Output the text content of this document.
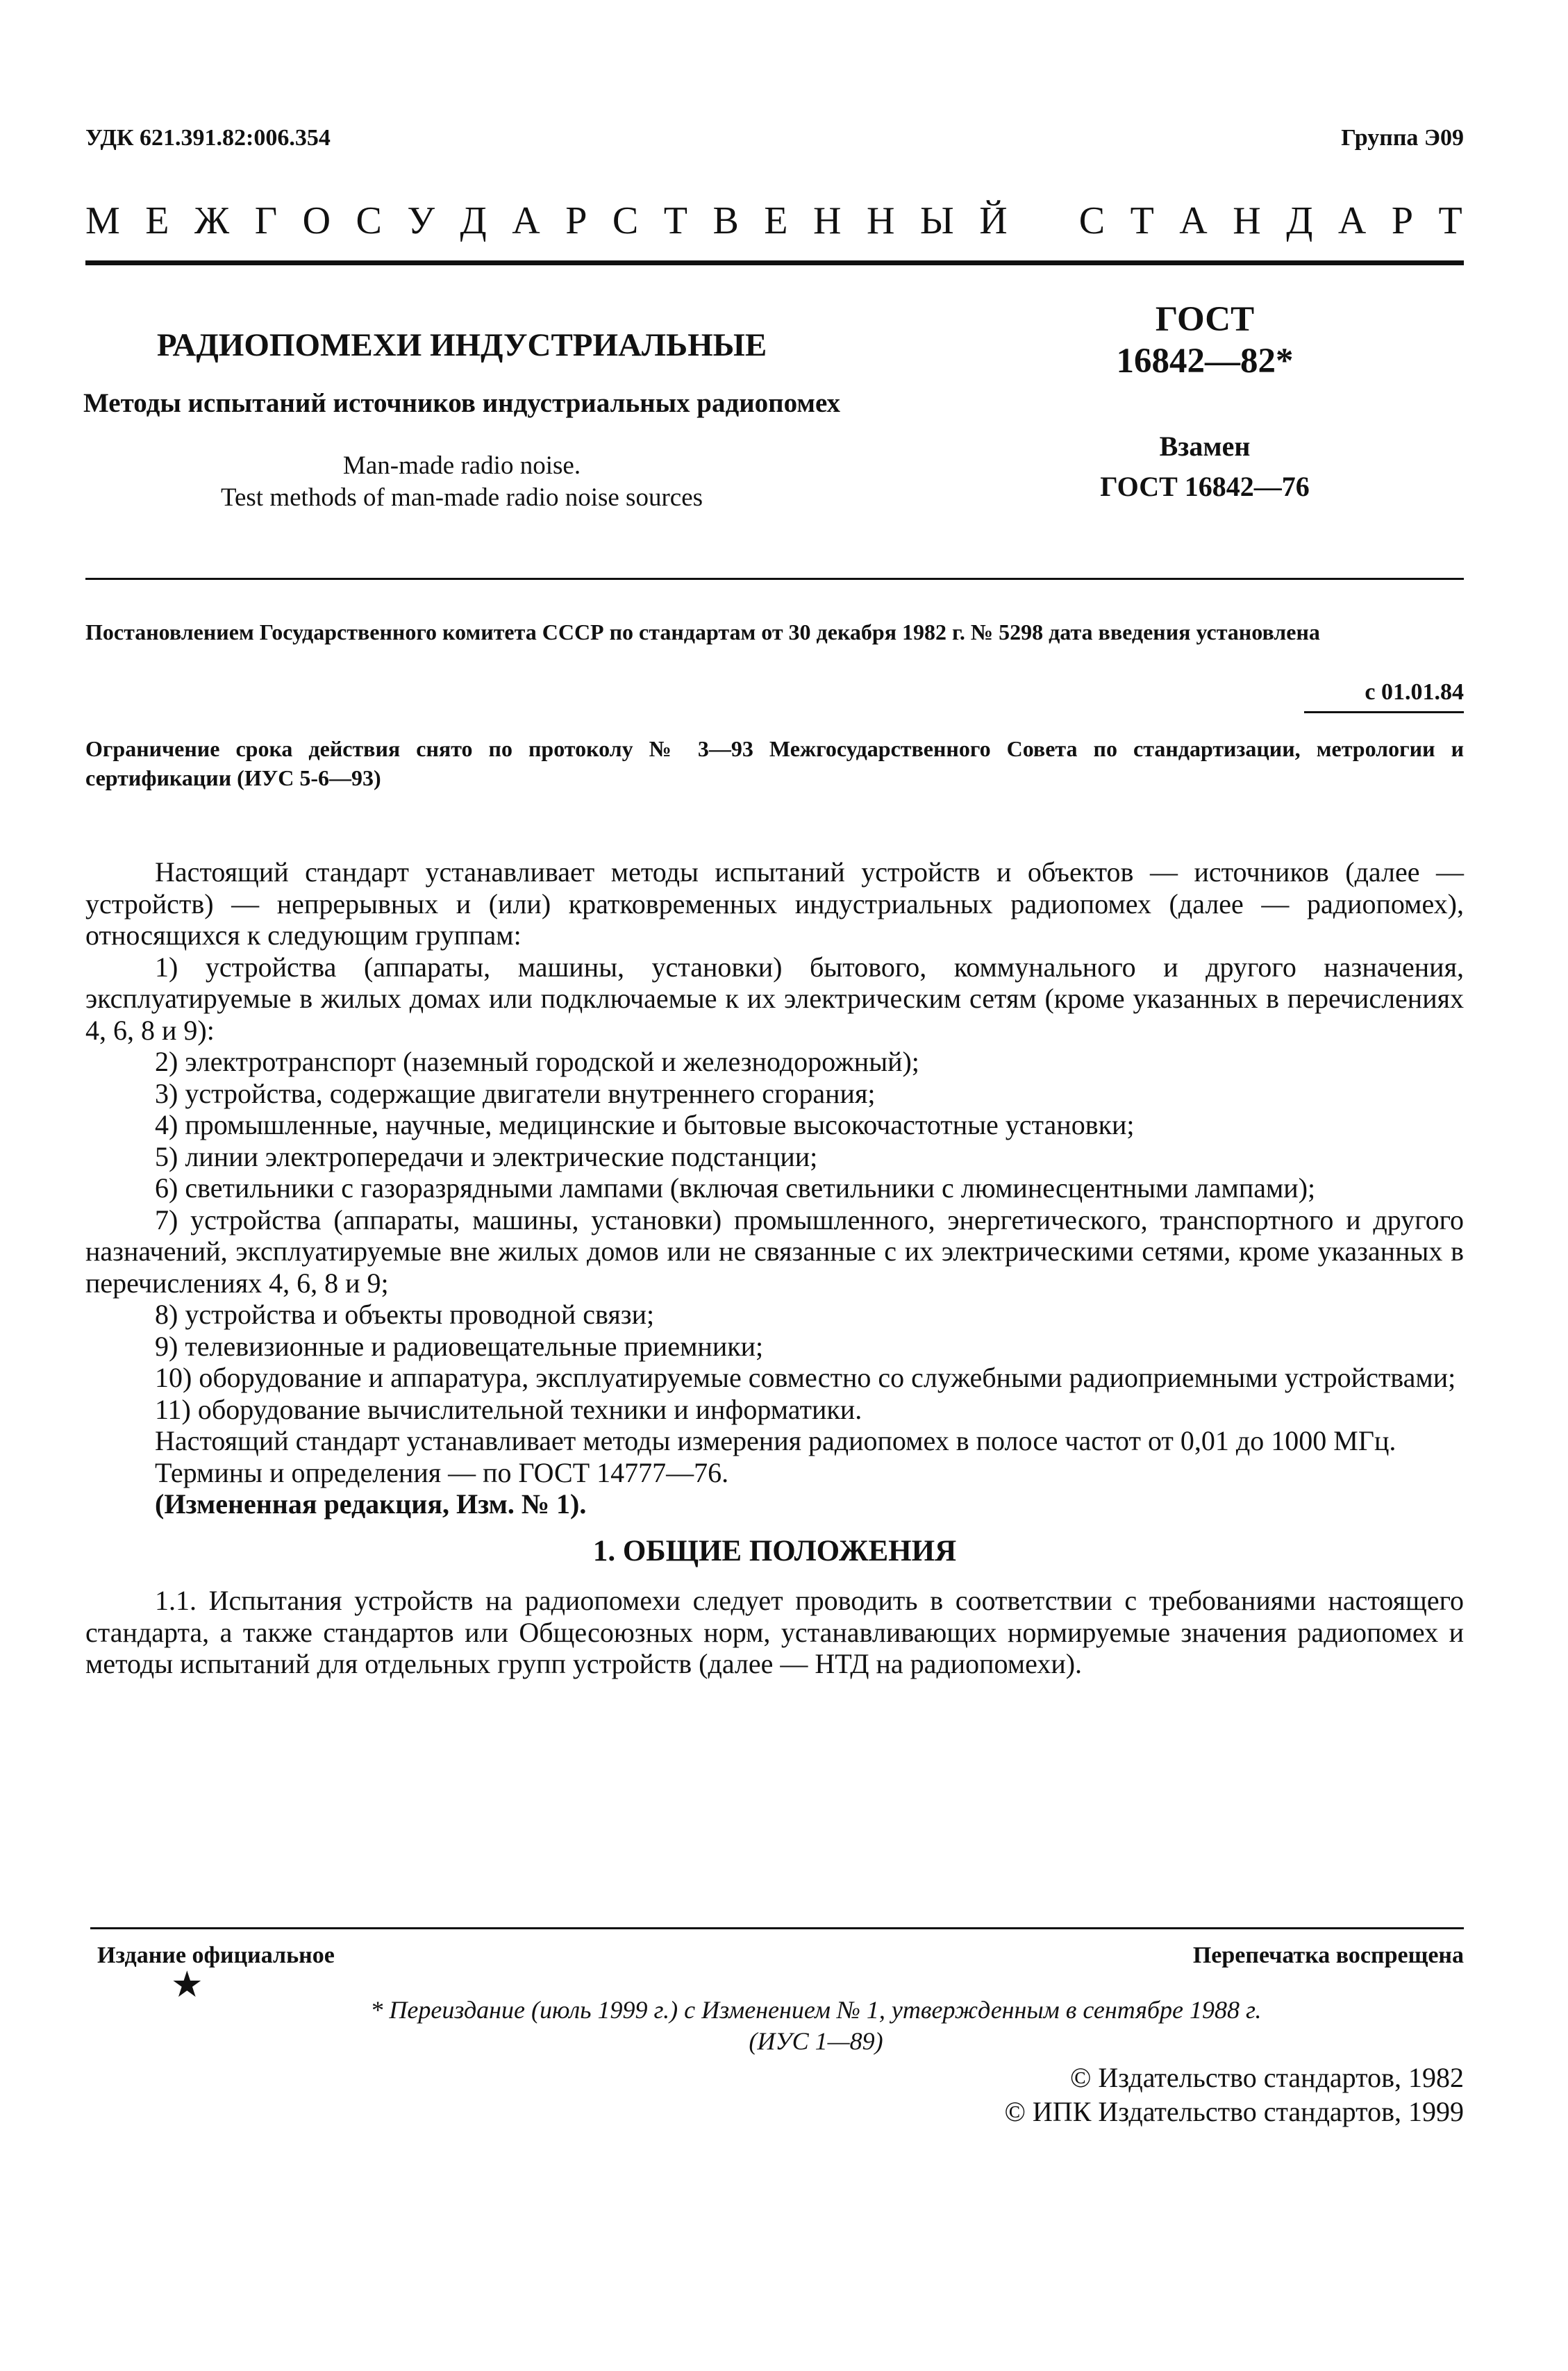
УДК 621.391.82:006.354	Группа Э09
М Е Ж Г О С У Д А Р С Т В Е Н Н Ы Й
С Т А Н Д А Р Т
РАДИОПОМЕХИ ИНДУСТРИАЛЬНЫЕ
Методы испытаний источников индустриальных радиопомех
Man-made radio noise.
Test methods of man-made radio noise sources
ГОСТ
16842—82*
Взамен
ГОСТ 16842—76
Постановлением Государственного комитета СССР по стандартам от 30 декабря 1982 г. № 5298 дата введения установлена
с 01.01.84
Ограничение срока действия снято по протоколу № 3—93 Межгосударственного Совета по стандартизации, метрологии и сертификации (ИУС 5-6—93)

Настоящий стандарт устанавливает методы испытаний устройств и объектов — источников (далее — устройств) — непрерывных и (или) кратковременных индустриальных радиопомех (далее — радиопомех), относящихся к следующим группам:

1) устройства (аппараты, машины, установки) бытового, коммунального и другого назначения, эксплуатируемые в жилых домах или подключаемые к их электрическим сетям (кроме указанных в перечислениях 4, 6, 8 и 9):

2) электротранспорт (наземный городской и железнодорожный);

3) устройства, содержащие двигатели внутреннего сгорания;

4) промышленные, научные, медицинские и бытовые высокочастотные установки;

5) линии электропередачи и электрические подстанции;

6) светильники с газоразрядными лампами (включая светильники с люминесцентными лампами);

7) устройства (аппараты, машины, установки) промышленного, энергетического, транспортного и другого назначений, эксплуатируемые вне жилых домов или не связанные с их электрическими сетями, кроме указанных в перечислениях 4, 6, 8 и 9;

8) устройства и объекты проводной связи;

9) телевизионные и радиовещательные приемники;

10) оборудование и аппаратура, эксплуатируемые совместно со служебными радиоприемными устройствами;

11) оборудование вычислительной техники и информатики.

Настоящий стандарт устанавливает методы измерения радиопомех в полосе частот от 0,01 до 1000 МГц.

Термины и определения — по ГОСТ 14777—76.

(Измененная редакция, Изм. № 1).

1. ОБЩИЕ ПОЛОЖЕНИЯ

1.1. Испытания устройств на радиопомехи следует проводить в соответствии с требованиями настоящего стандарта, а также стандартов или Общесоюзных норм, устанавливающих нормируемые значения радиопомех и методы испытаний для отдельных групп устройств (далее — НТД на радиопомехи).

Издание официальное	Перепечатка воспрещена
★
* Переиздание (июль 1999 г.) с Изменением № 1, утвержденным в сентябре 1988 г.
(ИУС 1—89)
© Издательство стандартов, 1982
© ИПК Издательство стандартов, 1999
